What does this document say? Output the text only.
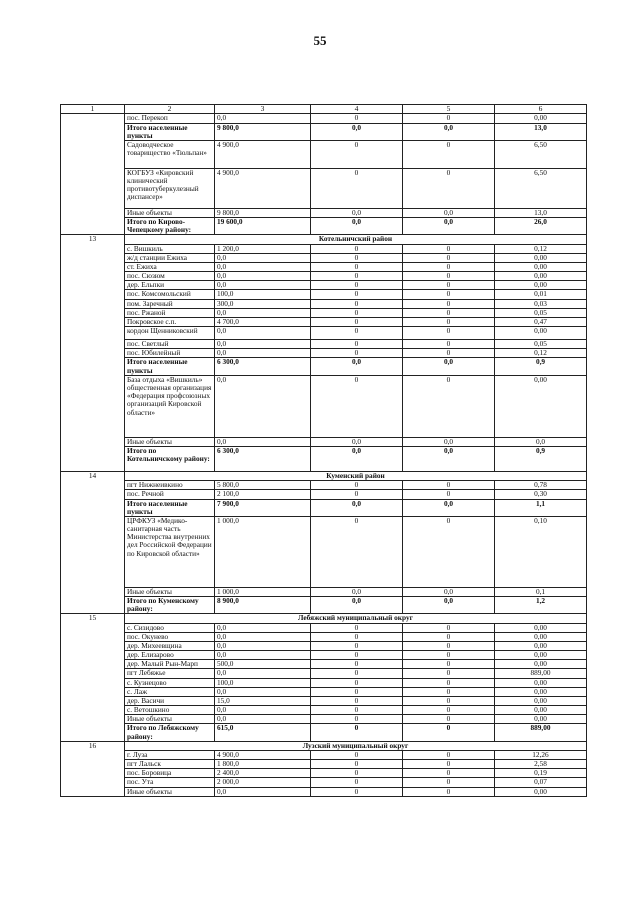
55
1	2	3	4	5	6
	пос. Перекоп	0,0	0	0	0,00
	Итого населенные пункты	9 800,0	0,0	0,0	13,0
	Садоводческое товарищество «Тюльпан»	4 900,0	0	0	6,50
	КОГБУЗ «Кировский клинический противотуберкулезный диспансер»	4 900,0	0	0	6,50
	Иные объекты	9 800,0	0,0	0,0	13,0
	Итого по Кирово-Чепецкому району:	19 600,0	0,0	0,0	26,0
13	Котельничский район				
	с. Вишкиль	1 200,0	0	0	0,12
	ж/д станции Ежиха	0,0	0	0	0,00
	ст. Ежиха	0,0	0	0	0,00
	пос. Сюзюм	0,0	0	0	0,00
	дер. Ельпки	0,0	0	0	0,00
	пос. Комсомольский	100,0	0	0	0,01
	пом. Заречный	300,0	0	0	0,03
	пос. Ржаной	0,0	0	0	0,05
	Покровское с.п.	4 700,0	0	0	0,47
	кордон Щенниковский	0,0	0	0	0,00
	пос. Светлый	0,0	0	0	0,05
	пос. Юбилейный	0,0	0	0	0,12
	Итого населенные пункты	6 300,0	0,0	0,0	0,9
	База отдыха «Вишкиль» общественная организация «Федерация профсоюзных организаций Кировской области»	0,0	0	0	0,00
	Иные объекты	0,0	0,0	0,0	0,0
	Итого по Котельничскому району:	6 300,0	0,0	0,0	0,9
14	Куменский район				
	пгт Нижнеивкино	5 800,0	0	0	0,78
	пос. Речной	2 100,0	0	0	0,30
	Итого населенные пункты	7 900,0	0,0	0,0	1,1
	ЦРФКУЗ «Медико-санитарная часть Министерства внутренних дел Российской Федерации по Кировской области»	1 000,0	0	0	0,10
	Иные объекты	1 000,0	0,0	0,0	0,1
	Итого по Куменскому району:	8 900,0	0,0	0,0	1,2
15	Лебяжский муниципальный округ				
	с. Сизидово	0,0	0	0	0,00
	пос. Окунево	0,0	0	0	0,00
	дер. Михеевщина	0,0	0	0	0,00
	дер. Елизарово	0,0	0	0	0,00
	дер. Малый Рын-Марп	500,0	0	0	0,00
	пгт Лебяжье	0,0	0	0	889,00
	с. Кузнецово	100,0	0	0	0,00
	с. Лаж	0,0	0	0	0,00
	дер. Васичи	15,0	0	0	0,00
	с. Ветошкино	0,0	0	0	0,00
	Иные объекты	0,0	0	0	0,00
	Итого по Лебяжскому району:	615,0	0	0	889,00
16	Лузский муниципальный округ				
	г. Луза	4 900,0	0	0	12,26
	пгт Лальск	1 800,0	0	0	2,58
	пос. Боровица	2 400,0	0	0	0,19
	пос. Ута	2 000,0	0	0	0,07
	Иные объекты	0,0	0	0	0,00
